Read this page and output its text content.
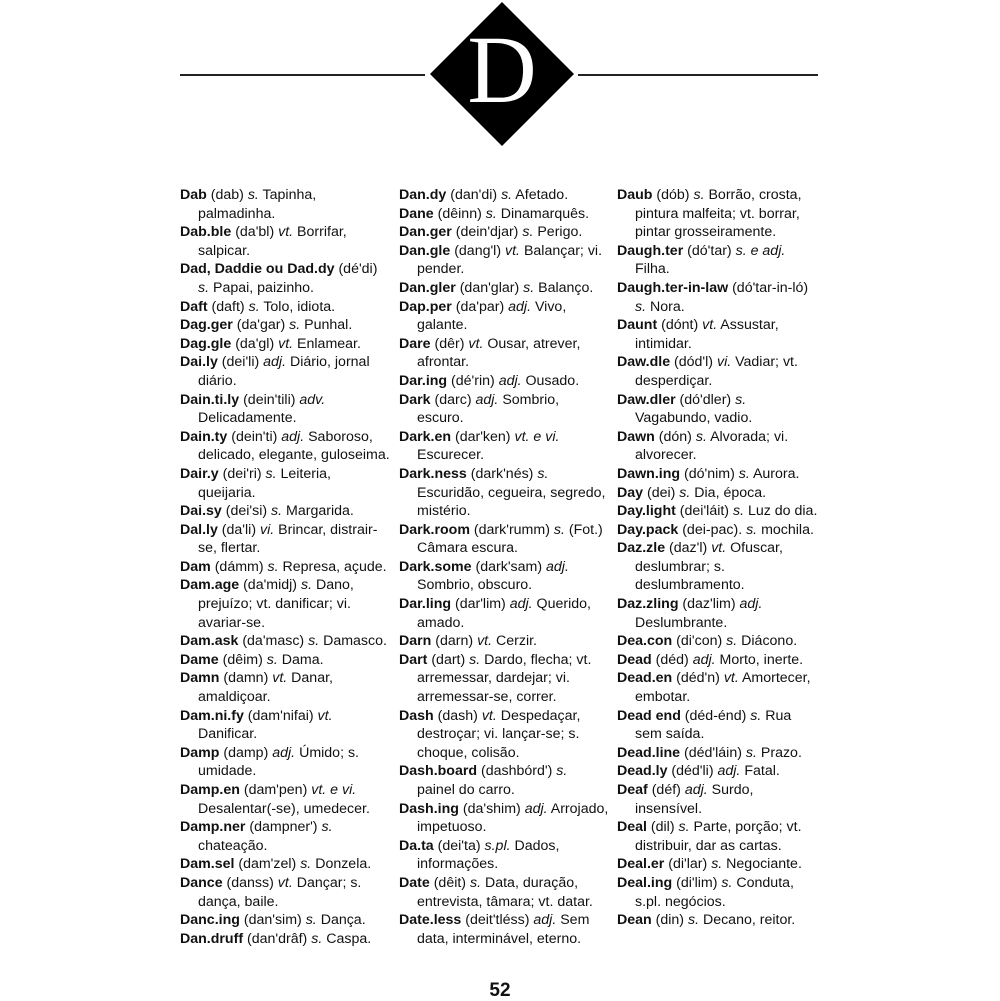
D
Dab (dab) s. Tapinha, palmadinha.
Dab.ble (da'bl) vt. Borrifar, salpicar.
Dad, Daddie ou Dad.dy (dé'di) s. Papai, paizinho.
Daft (daft) s. Tolo, idiota.
Dag.ger (da'gar) s. Punhal.
Dag.gle (da'gl) vt. Enlamear.
Dai.ly (dei'li) adj. Diário, jornal diário.
Dain.ti.ly (dein'tili) adv. Delicadamente.
Dain.ty (dein'ti) adj. Saboroso, delicado, elegante, guloseima.
Dair.y (dei'ri) s. Leiteria, queijaria.
Dai.sy (dei'si) s. Margarida.
Dal.ly (da'li) vi. Brincar, distrair-se, flertar.
Dam (dámm) s. Represa, açude.
Dam.age (da'midj) s. Dano, prejuízo; vt. danificar; vi. avariar-se.
Dam.ask (da'masc) s. Damasco.
Dame (dêim) s. Dama.
Damn (damn) vt. Danar, amaldiçoar.
Dam.ni.fy (dam'nifai) vt. Danificar.
Damp (damp) adj. Úmido; s. umidade.
Damp.en (dam'pen) vt. e vi. Desalentar(-se), umedecer.
Damp.ner (dampner') s. chateação.
Dam.sel (dam'zel) s. Donzela.
Dance (danss) vt. Dançar; s. dança, baile.
Danc.ing (dan'sim) s. Dança.
Dan.druff (dan'drâf) s. Caspa.
Dan.dy (dan'di) s. Afetado.
Dane (dêinn) s. Dinamarquês.
Dan.ger (dein'djar) s. Perigo.
Dan.gle (dang'l) vt. Balançar; vi. pender.
Dan.gler (dan'glar) s. Balanço.
Dap.per (da'par) adj. Vivo, galante.
Dare (dêr) vt. Ousar, atrever, afrontar.
Dar.ing (dé'rin) adj. Ousado.
Dark (darc) adj. Sombrio, escuro.
Dark.en (dar'ken) vt. e vi. Escurecer.
Dark.ness (dark'nés) s. Escuridão, cegueira, segredo, mistério.
Dark.room (dark'rumm) s. (Fot.) Câmara escura.
Dark.some (dark'sam) adj. Sombrio, obscuro.
Dar.ling (dar'lim) adj. Querido, amado.
Darn (darn) vt. Cerzir.
Dart (dart) s. Dardo, flecha; vt. arremessar, dardejar; vi. arremessar-se, correr.
Dash (dash) vt. Despedaçar, destroçar; vi. lançar-se; s. choque, colisão.
Dash.board (dashbórd') s. painel do carro.
Dash.ing (da'shim) adj. Arrojado, impetuoso.
Da.ta (dei'ta) s.pl. Dados, informações.
Date (dêit) s. Data, duração, entrevista, tâmara; vt. datar.
Date.less (deit'tléss) adj. Sem data, interminável, eterno.
Daub (dób) s. Borrão, crosta, pintura malfeita; vt. borrar, pintar grosseiramente.
Daugh.ter (dó'tar) s. e adj. Filha.
Daugh.ter-in-law (dó'tar-in-ló) s. Nora.
Daunt (dónt) vt. Assustar, intimidar.
Daw.dle (dód'l) vi. Vadiar; vt. desperdiçar.
Daw.dler (dó'dler) s. Vagabundo, vadio.
Dawn (dón) s. Alvorada; vi. alvorecer.
Dawn.ing (dó'nim) s. Aurora.
Day (dei) s. Dia, época.
Day.light (dei'láit) s. Luz do dia.
Day.pack (dei-pac). s. mochila.
Daz.zle (daz'l) vt. Ofuscar, deslumbrar; s. deslumbramento.
Daz.zling (daz'lim) adj. Deslumbrante.
Dea.con (di'con) s. Diácono.
Dead (déd) adj. Morto, inerte.
Dead.en (déd'n) vt. Amortecer, embotar.
Dead end (déd-énd) s. Rua sem saída.
Dead.line (déd'láin) s. Prazo.
Dead.ly (déd'li) adj. Fatal.
Deaf (déf) adj. Surdo, insensível.
Deal (dil) s. Parte, porção; vt. distribuir, dar as cartas.
Deal.er (di'lar) s. Negociante.
Deal.ing (di'lim) s. Conduta, s.pl. negócios.
Dean (din) s. Decano, reitor.
52
